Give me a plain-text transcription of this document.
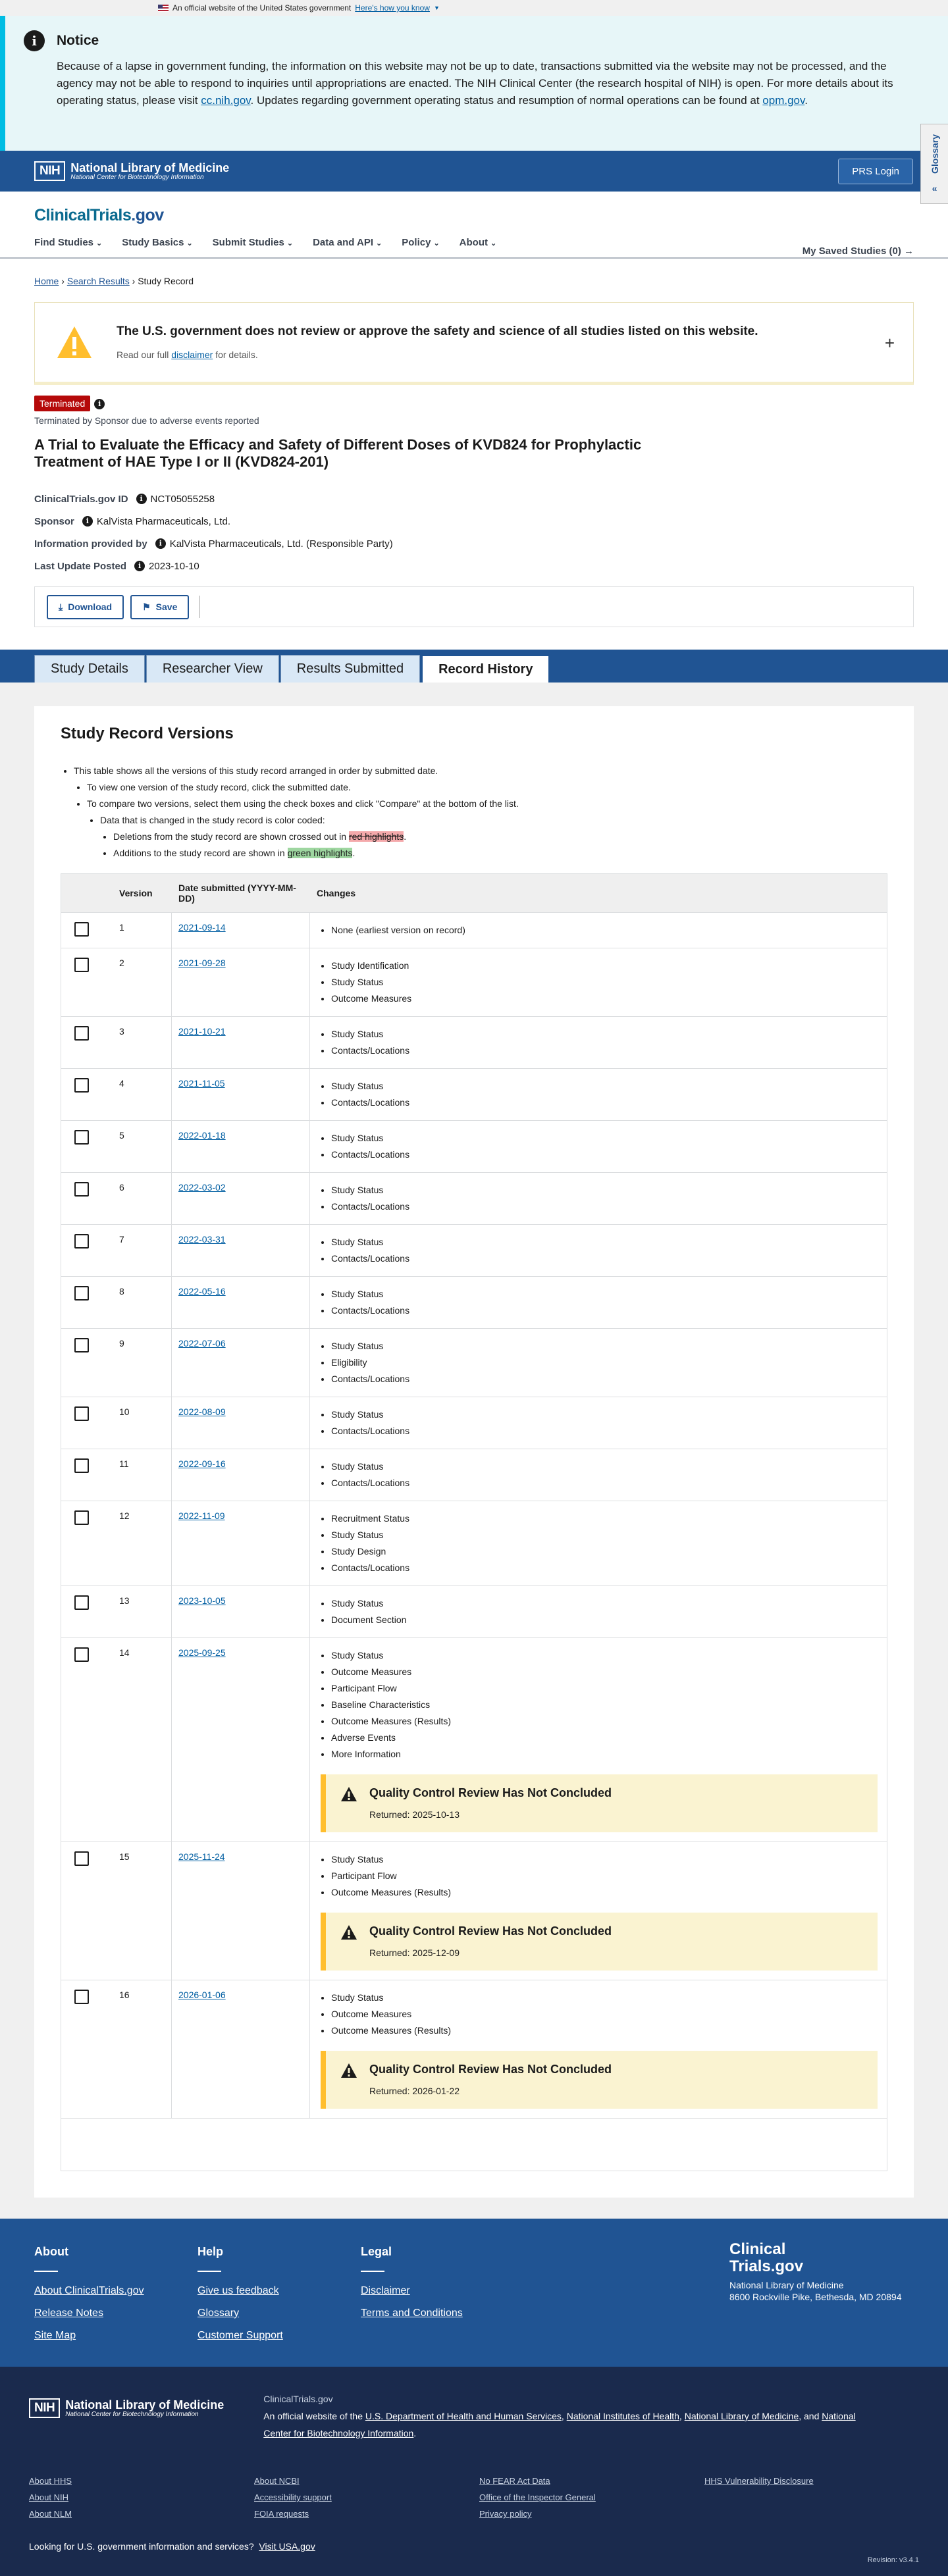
An official website of the United States government Here's how you know ▼
i	Notice

Because of a lapse in government funding, the information on this website may not be up to date, transactions submitted via the website may not be processed, and the agency may not be able to respond to inquiries until appropriations are enacted. The NIH Clinical Center (the research hospital of NIH) is open. For more details about its operating status, please visit cc.nih.gov. Updates regarding government operating status and resumption of normal operations can be found at opm.gov.

NIH National Library of Medicine
National Center for Biotechnology Information
PRS Login	Glossary
«
ClinicalTrials.gov
Find Studies ⌄ Study Basics ⌄ Submit Studies ⌄ Data and API ⌄ Policy ⌄ About ⌄
My Saved Studies (0) →
Home › Search Results › Study Record
The U.S. government does not review or approve the safety and science of all studies listed on this website.

Read our full disclaimer for details.

+
Terminated i
Terminated by Sponsor due to adverse events reported
A Trial to Evaluate the Efficacy and Safety of Different Doses of KVD824 for Prophylactic Treatment of HAE Type I or II (KVD824-201)
ClinicalTrials.gov ID	i NCT05055258
Sponsor	i KalVista Pharmaceuticals, Ltd.
Information provided by	i KalVista Pharmaceuticals, Ltd. (Responsible Party)
Last Update Posted	i 2023-10-10
⤓ Download	⚑ Save
Study Details	Researcher View	Results Submitted	Record History
Study Record Versions
• This table shows all the versions of this study record arranged in order by submitted date.
• To view one version of the study record, click the submitted date.
• To compare two versions, select them using the check boxes and click "Compare" at the bottom of the list.
• Data that is changed in the study record is color coded:
• Deletions from the study record are shown crossed out in red highlights.
• Additions to the study record are shown in green highlights.
Version	Date submitted (YYYY-MM-DD)	Changes
1	2021-09-14	• None (earliest version on record)
2	2021-09-28	• Study Identification
• Study Status
• Outcome Measures
3	2021-10-21	• Study Status
• Contacts/Locations
4	2021-11-05	• Study Status
• Contacts/Locations
5	2022-01-18	• Study Status
• Contacts/Locations
6	2022-03-02	• Study Status
• Contacts/Locations
7	2022-03-31	• Study Status
• Contacts/Locations
8	2022-05-16	• Study Status
• Contacts/Locations
9	2022-07-06	• Study Status
• Eligibility
• Contacts/Locations
10	2022-08-09	• Study Status
• Contacts/Locations
11	2022-09-16	• Study Status
• Contacts/Locations
12	2022-11-09	• Recruitment Status
• Study Status
• Study Design
• Contacts/Locations
13	2023-10-05	• Study Status
• Document Section
14	2025-09-25	• Study Status
• Outcome Measures
• Participant Flow
• Baseline Characteristics
• Outcome Measures (Results)
• Adverse Events
• More Information
Quality Control Review Has Not Concluded

Returned: 2025-10-13

15	2025-11-24	• Study Status
• Participant Flow
• Outcome Measures (Results)
Quality Control Review Has Not Concluded

Returned: 2025-12-09

16	2026-01-06	• Study Status
• Outcome Measures
• Outcome Measures (Results)
Quality Control Review Has Not Concluded

Returned: 2026-01-22

About
About ClinicalTrials.gov
Release Notes
Site Map
Help
Give us feedback
Glossary
Customer Support
Legal
Disclaimer
Terms and Conditions
Clinical
Trials.gov

National Library of Medicine

8600 Rockville Pike, Bethesda, MD 20894

NIH National Library of Medicine
National Center for Biotechnology Information
ClinicalTrials.gov
An official website of the U.S. Department of Health and Human Services, National Institutes of Health, National Library of Medicine, and National Center for Biotechnology Information.
About HHS	About NCBI	No FEAR Act Data	HHS Vulnerability Disclosure
About NIH	Accessibility support	Office of the Inspector General
About NLM	FOIA requests	Privacy policy
Looking for U.S. government information and services? Visit USA.gov
Revision: v3.4.1
